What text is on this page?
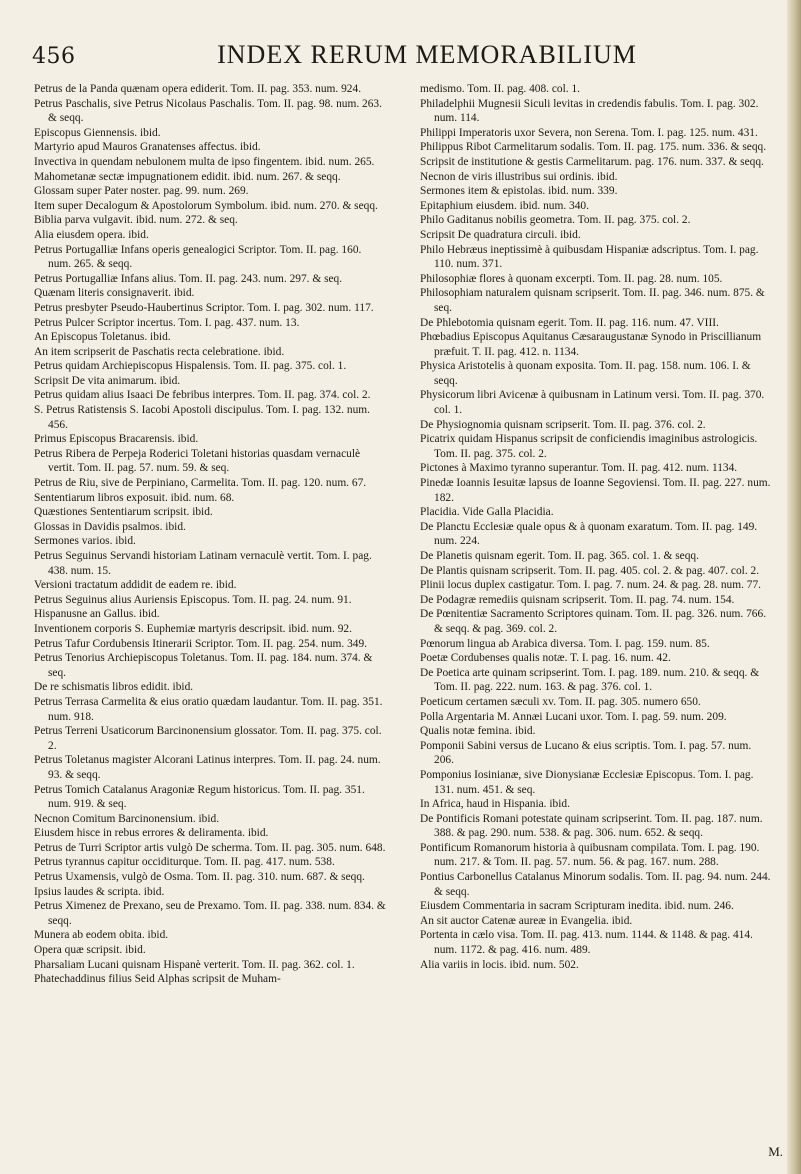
456	INDEX RERUM MEMORABILIUM

Petrus de la Panda quænam opera ediderit. Tom. II. pag. 353. num. 924.

Petrus Paschalis, sive Petrus Nicolaus Paschalis. Tom. II. pag. 98. num. 263. & seqq.

Episcopus Giennensis. ibid.

Martyrio apud Mauros Granatenses affectus. ibid.

Invectiva in quendam nebulonem multa de ipso fingentem. ibid. num. 265.

Mahometanæ sectæ impugnationem edidit. ibid. num. 267. & seqq.

Glossam super Pater noster. pag. 99. num. 269.

Item super Decalogum & Apostolorum Symbolum. ibid. num. 270. & seqq.

Biblia parva vulgavit. ibid. num. 272. & seq.

Alia eiusdem opera. ibid.

Petrus Portugalliæ Infans operis genealogici Scriptor. Tom. II. pag. 160. num. 265. & seqq.

Petrus Portugalliæ Infans alius. Tom. II. pag. 243. num. 297. & seq.

Quænam literis consignaverit. ibid.

Petrus presbyter Pseudo-Haubertinus Scriptor. Tom. I. pag. 302. num. 117.

Petrus Pulcer Scriptor incertus. Tom. I. pag. 437. num. 13.

An Episcopus Toletanus. ibid.

An item scripserit de Paschatis recta celebratione. ibid.

Petrus quidam Archiepiscopus Hispalensis. Tom. II. pag. 375. col. 1.

Scripsit De vita animarum. ibid.

Petrus quidam alius Isaaci De febribus interpres. Tom. II. pag. 374. col. 2.

S. Petrus Ratistensis S. Iacobi Apostoli discipulus. Tom. I. pag. 132. num. 456.

Primus Episcopus Bracarensis. ibid.

Petrus Ribera de Perpeja Roderici Toletani historias quasdam vernaculè vertit. Tom. II. pag. 57. num. 59. & seq.

Petrus de Riu, sive de Perpiniano, Carmelita. Tom. II. pag. 120. num. 67.

Sententiarum libros exposuit. ibid. num. 68.

Quæstiones Sententiarum scripsit. ibid.

Glossas in Davidis psalmos. ibid.

Sermones varios. ibid.

Petrus Seguinus Servandi historiam Latinam vernaculè vertit. Tom. I. pag. 438. num. 15.

Versioni tractatum addidit de eadem re. ibid.

Petrus Seguinus alius Auriensis Episcopus. Tom. II. pag. 24. num. 91.

Hispanusne an Gallus. ibid.

Inventionem corporis S. Euphemiæ martyris descripsit. ibid. num. 92.

Petrus Tafur Cordubensis Itinerarii Scriptor. Tom. II. pag. 254. num. 349.

Petrus Tenorius Archiepiscopus Toletanus. Tom. II. pag. 184. num. 374. & seq.

De re schismatis libros edidit. ibid.

Petrus Terrasa Carmelita & eius oratio quædam laudantur. Tom. II. pag. 351. num. 918.

Petrus Terreni Usaticorum Barcinonensium glossator. Tom. II. pag. 375. col. 2.

Petrus Toletanus magister Alcorani Latinus interpres. Tom. II. pag. 24. num. 93. & seqq.

Petrus Tomich Catalanus Aragoniæ Regum historicus. Tom. II. pag. 351. num. 919. & seq.

Necnon Comitum Barcinonensium. ibid.

Eiusdem hisce in rebus errores & deliramenta. ibid.

Petrus de Turri Scriptor artis vulgò De scherma. Tom. II. pag. 305. num. 648.

Petrus tyrannus capitur occiditurque. Tom. II. pag. 417. num. 538.

Petrus Uxamensis, vulgò de Osma. Tom. II. pag. 310. num. 687. & seqq.

Ipsius laudes & scripta. ibid.

Petrus Ximenez de Prexano, seu de Prexamo. Tom. II. pag. 338. num. 834. & seqq.

Munera ab eodem obita. ibid.

Opera quæ scripsit. ibid.

Pharsaliam Lucani quisnam Hispanè verterit. Tom. II. pag. 362. col. 1.

Phatechaddinus filius Seid Alphas scripsit de Muham-

medismo. Tom. II. pag. 408. col. 1.

Philadelphii Mugnesii Siculi levitas in credendis fabulis. Tom. I. pag. 302. num. 114.

Philippi Imperatoris uxor Severa, non Serena. Tom. I. pag. 125. num. 431.

Philippus Ribot Carmelitarum sodalis. Tom. II. pag. 175. num. 336. & seqq.

Scripsit de institutione & gestis Carmelitarum. pag. 176. num. 337. & seqq.

Necnon de viris illustribus sui ordinis. ibid.

Sermones item & epistolas. ibid. num. 339.

Epitaphium eiusdem. ibid. num. 340.

Philo Gaditanus nobilis geometra. Tom. II. pag. 375. col. 2.

Scripsit De quadratura circuli. ibid.

Philo Hebræus ineptissimè à quibusdam Hispaniæ adscriptus. Tom. I. pag. 110. num. 371.

Philosophiæ flores à quonam excerpti. Tom. II. pag. 28. num. 105.

Philosophiam naturalem quisnam scripserit. Tom. II. pag. 346. num. 875. & seq.

De Phlebotomia quisnam egerit. Tom. II. pag. 116. num. 47. VIII.

Phœbadius Episcopus Aquitanus Cæsaraugustanæ Synodo in Priscillianum præfuit. T. II. pag. 412. n. 1134.

Physica Aristotelis à quonam exposita. Tom. II. pag. 158. num. 106. I. & seqq.

Physicorum libri Avicenæ à quibusnam in Latinum versi. Tom. II. pag. 370. col. 1.

De Physiognomia quisnam scripserit. Tom. II. pag. 376. col. 2.

Picatrix quidam Hispanus scripsit de conficiendis imaginibus astrologicis. Tom. II. pag. 375. col. 2.

Pictones à Maximo tyranno superantur. Tom. II. pag. 412. num. 1134.

Pinedæ Ioannis Iesuitæ lapsus de Ioanne Segoviensi. Tom. II. pag. 227. num. 182.

Placidia. Vide Galla Placidia.

De Planctu Ecclesiæ quale opus & à quonam exaratum. Tom. II. pag. 149. num. 224.

De Planetis quisnam egerit. Tom. II. pag. 365. col. 1. & seqq.

De Plantis quisnam scripserit. Tom. II. pag. 405. col. 2. & pag. 407. col. 2.

Plinii locus duplex castigatur. Tom. I. pag. 7. num. 24. & pag. 28. num. 77.

De Podagræ remediis quisnam scripserit. Tom. II. pag. 74. num. 154.

De Pœnitentiæ Sacramento Scriptores quinam. Tom. II. pag. 326. num. 766. & seqq. & pag. 369. col. 2.

Pœnorum lingua ab Arabica diversa. Tom. I. pag. 159. num. 85.

Poetæ Cordubenses qualis notæ. T. I. pag. 16. num. 42.

De Poetica arte quinam scripserint. Tom. I. pag. 189. num. 210. & seqq. & Tom. II. pag. 222. num. 163. & pag. 376. col. 1.

Poeticum certamen sæculi xv. Tom. II. pag. 305. numero 650.

Polla Argentaria M. Annæi Lucani uxor. Tom. I. pag. 59. num. 209.

Qualis notæ femina. ibid.

Pomponii Sabini versus de Lucano & eius scriptis. Tom. I. pag. 57. num. 206.

Pomponius Iosinianæ, sive Dionysianæ Ecclesiæ Episcopus. Tom. I. pag. 131. num. 451. & seq.

In Africa, haud in Hispania. ibid.

De Pontificis Romani potestate quinam scripserint. Tom. II. pag. 187. num. 388. & pag. 290. num. 538. & pag. 306. num. 652. & seqq.

Pontificum Romanorum historia à quibusnam compilata. Tom. I. pag. 190. num. 217. & Tom. II. pag. 57. num. 56. & pag. 167. num. 288.

Pontius Carbonellus Catalanus Minorum sodalis. Tom. II. pag. 94. num. 244. & seqq.

Eiusdem Commentaria in sacram Scripturam inedita. ibid. num. 246.

An sit auctor Catenæ aureæ in Evangelia. ibid.

Portenta in cælo visa. Tom. II. pag. 413. num. 1144. & 1148. & pag. 414. num. 1172. & pag. 416. num. 489.

Alia variis in locis. ibid. num. 502.

M.
